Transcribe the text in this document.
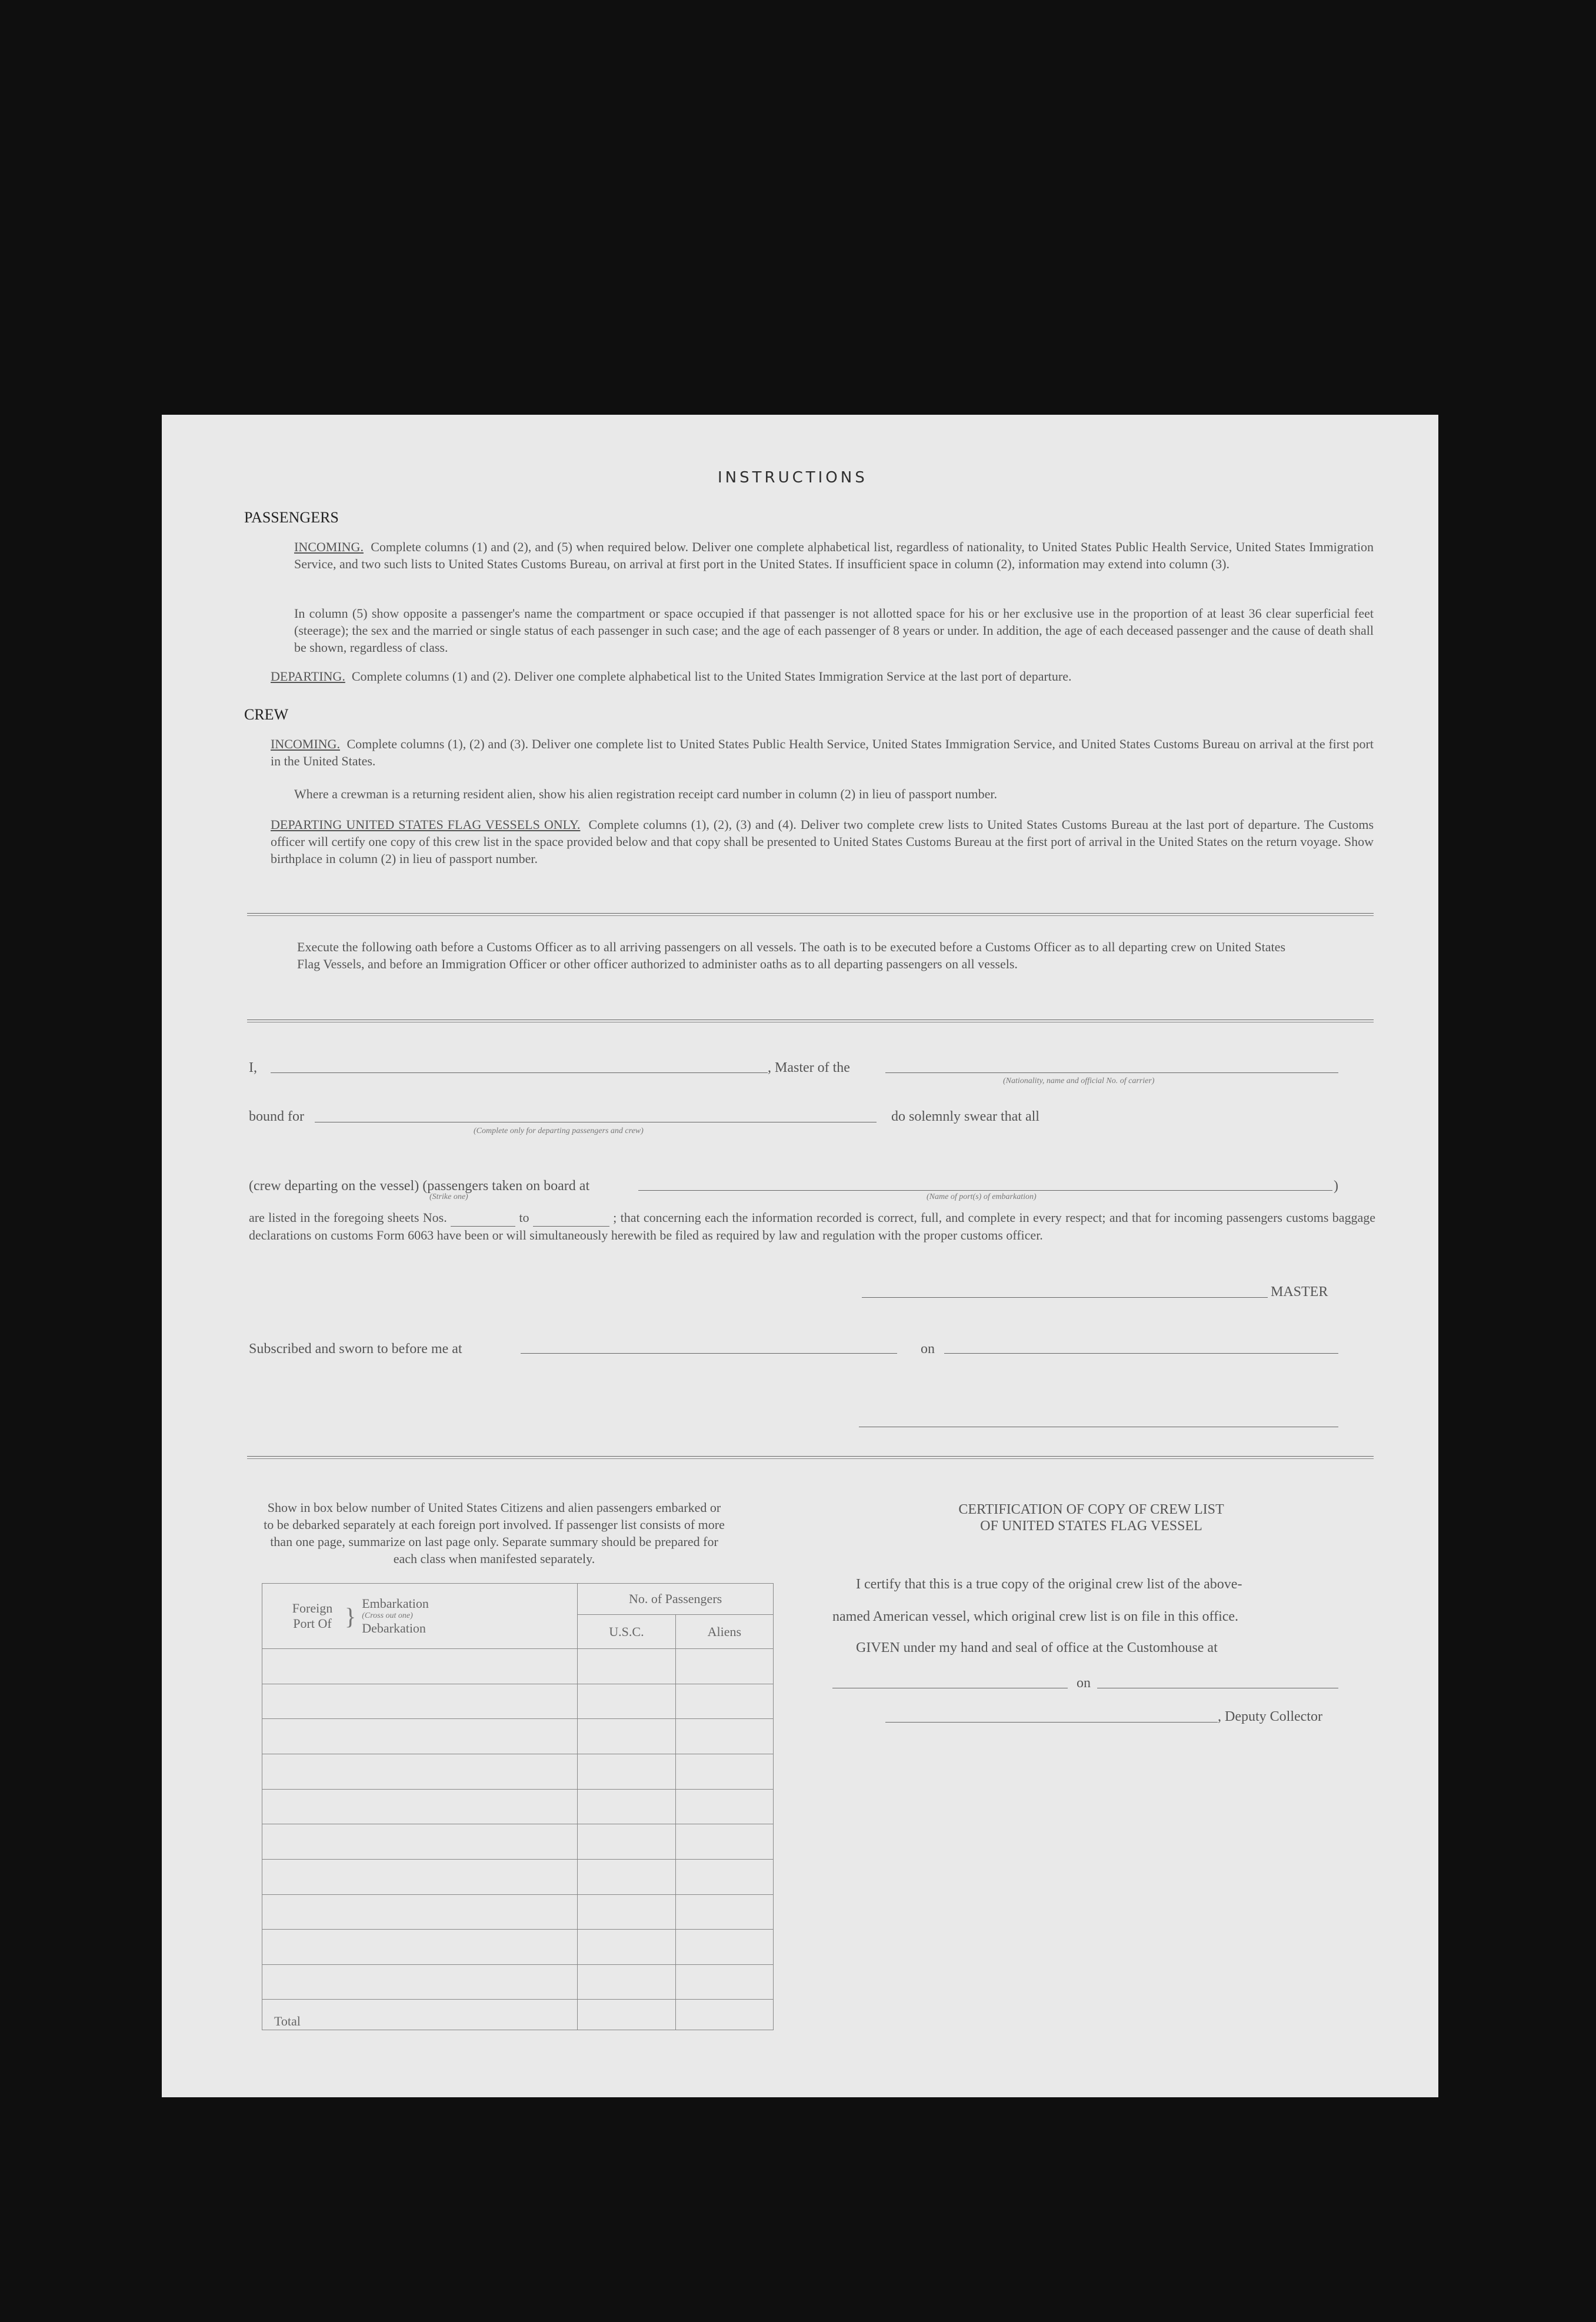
INSTRUCTIONS
PASSENGERS
INCOMING. Complete columns (1) and (2), and (5) when required below. Deliver one complete alphabetical list, regardless of nationality, to United States Public Health Service, United States Immigration Service, and two such lists to United States Customs Bureau, on arrival at first port in the United States. If insufficient space in column (2), information may extend into column (3).
In column (5) show opposite a passenger's name the compartment or space occupied if that passenger is not allotted space for his or her exclusive use in the proportion of at least 36 clear superficial feet (steerage); the sex and the married or single status of each passenger in such case; and the age of each passenger of 8 years or under. In addition, the age of each deceased passenger and the cause of death shall be shown, regardless of class.
DEPARTING. Complete columns (1) and (2). Deliver one complete alphabetical list to the United States Immigration Service at the last port of departure.
CREW
INCOMING. Complete columns (1), (2) and (3). Deliver one complete list to United States Public Health Service, United States Immigration Service, and United States Customs Bureau on arrival at the first port in the United States.
Where a crewman is a returning resident alien, show his alien registration receipt card number in column (2) in lieu of passport number.
DEPARTING UNITED STATES FLAG VESSELS ONLY. Complete columns (1), (2), (3) and (4). Deliver two complete crew lists to United States Customs Bureau at the last port of departure. The Customs officer will certify one copy of this crew list in the space provided below and that copy shall be presented to United States Customs Bureau at the first port of arrival in the United States on the return voyage. Show birthplace in column (2) in lieu of passport number.
Execute the following oath before a Customs Officer as to all arriving passengers on all vessels. The oath is to be executed before a Customs Officer as to all departing crew on United States Flag Vessels, and before an Immigration Officer or other officer authorized to administer oaths as to all departing passengers on all vessels.
I,	, Master of the
(Nationality, name and official No. of carrier)
bound for
(Complete only for departing passengers and crew)
do solemnly swear that all
(crew departing on the vessel) (passengers taken on board at	)
(Strike one)	(Name of port(s) of embarkation)
are listed in the foregoing sheets Nos.	to	; that concerning each the information recorded is correct, full, and complete in every respect; and that for incoming passengers customs baggage declarations on customs Form 6063 have been or will simultaneously herewith be filed as required by law and regulation with the proper customs officer.
MASTER
Subscribed and sworn to before me at	on
Show in box below number of United States Citizens and alien passengers embarked or to be debarked separately at each foreign port involved. If passenger list consists of more than one page, summarize on last page only. Separate summary should be prepared for each class when manifested separately.
Foreign Port Of } Embarkation
(Cross out one)
Debarkation	No. of Passengers	
	U.S.C.	Aliens

Total		
CERTIFICATION OF COPY OF CREW LIST
OF UNITED STATES FLAG VESSEL
I certify that this is a true copy of the original crew list of the above-
named American vessel, which original crew list is on file in this office.
GIVEN under my hand and seal of office at the Customhouse at
on
, Deputy Collector
